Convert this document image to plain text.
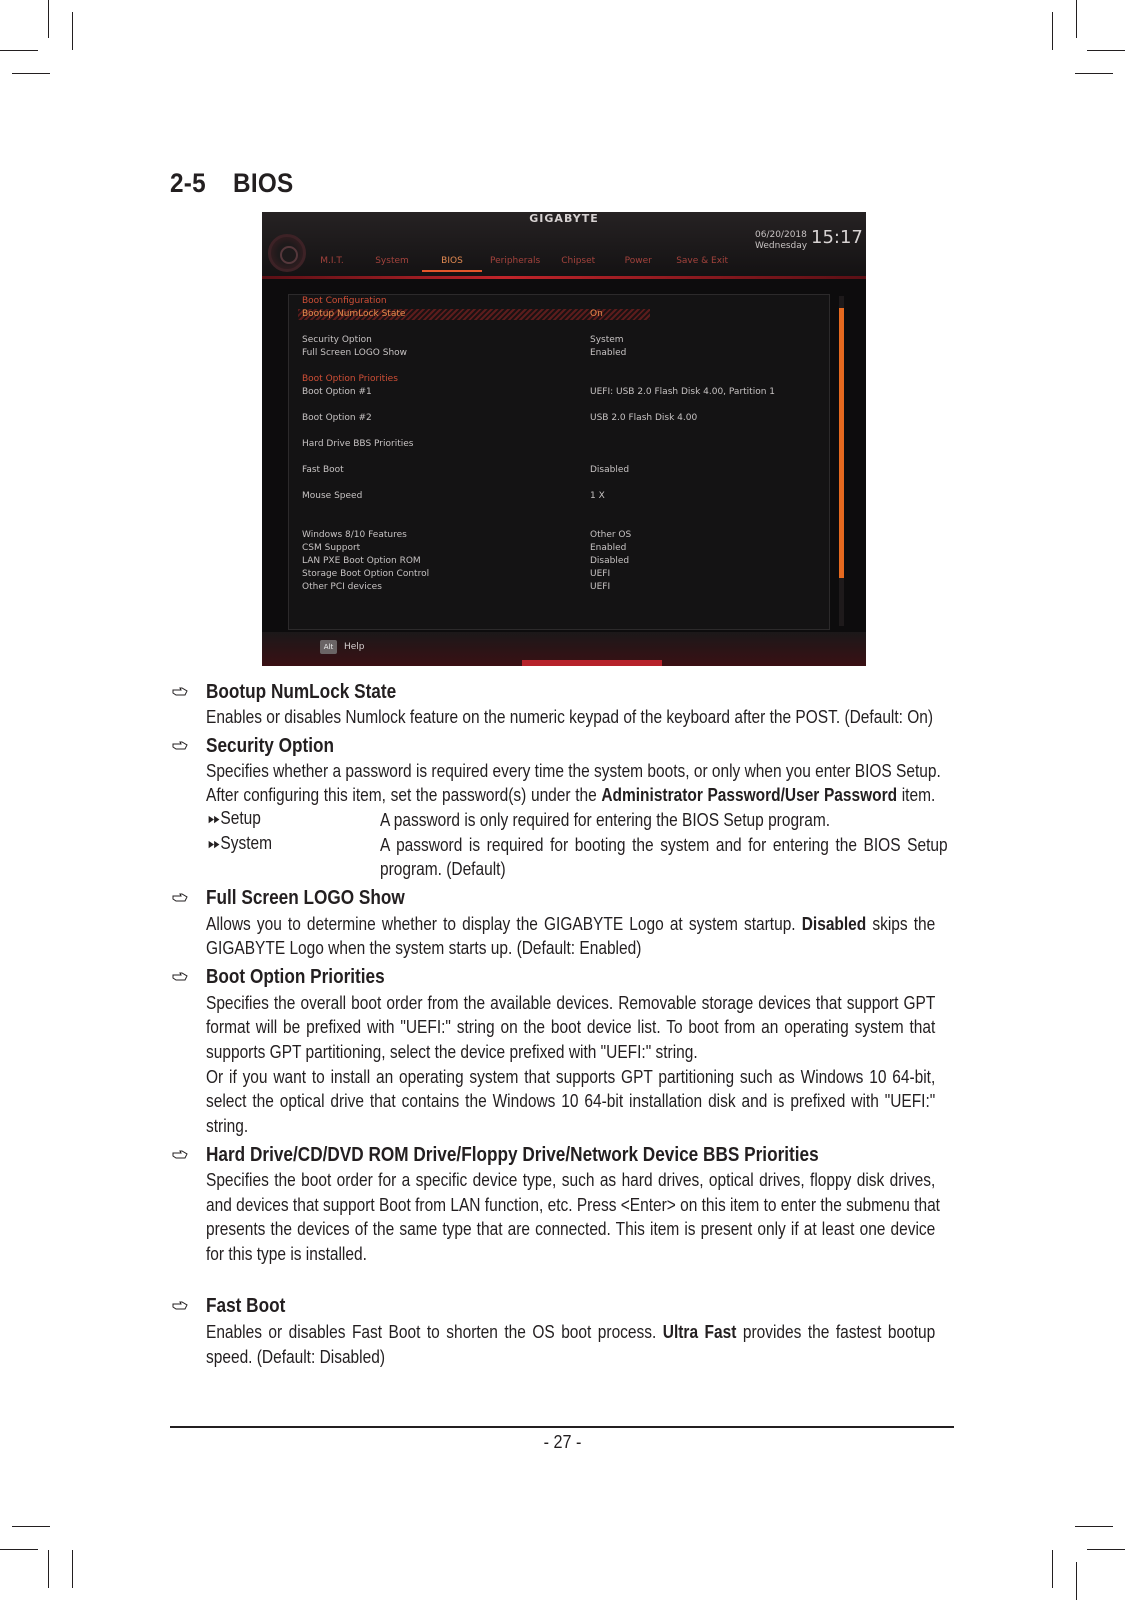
2-5 BIOS
GIGABYTE
M.I.T.	System	BIOS	Peripherals	Chipset	Power	Save & Exit
06/20/2018
Wednesday 15:17
Boot Configuration
Bootup NumLock State	On
Security Option	System
Full Screen LOGO Show	Enabled
Boot Option Priorities
Boot Option #1	UEFI: USB 2.0 Flash Disk 4.00, Partition 1
Boot Option #2	USB 2.0 Flash Disk 4.00
Hard Drive BBS Priorities
Fast Boot	Disabled
Mouse Speed	1 X
Windows 8/10 Features	Other OS
CSM Support	Enabled
LAN PXE Boot Option ROM	Disabled
Storage Boot Option Control	UEFI
Other PCI devices	UEFI
Alt	Help
Bootup NumLock State
Enables or disables Numlock feature on the numeric keypad of the keyboard after the POST. (Default: On)
Security Option
Specifies whether a password is required every time the system boots, or only when you enter BIOS Setup.
After configuring this item, set the password(s) under the Administrator Password/User Password item.
⏩︎Setup	A password is only required for entering the BIOS Setup program.
⏩︎System	A password is required for booting the system and for entering the BIOS Setup
program. (Default)
Full Screen LOGO Show
Allows you to determine whether to display the GIGABYTE Logo at system startup. Disabled skips the
GIGABYTE Logo when the system starts up. (Default: Enabled)
Boot Option Priorities
Specifies the overall boot order from the available devices. Removable storage devices that support GPT
format will be prefixed with "UEFI:" string on the boot device list. To boot from an operating system that
supports GPT partitioning, select the device prefixed with "UEFI:" string.
Or if you want to install an operating system that supports GPT partitioning such as Windows 10 64-bit,
select the optical drive that contains the Windows 10 64-bit installation disk and is prefixed with "UEFI:"
string.
Hard Drive/CD/DVD ROM Drive/Floppy Drive/Network Device BBS Priorities
Specifies the boot order for a specific device type, such as hard drives, optical drives, floppy disk drives,
and devices that support Boot from LAN function, etc. Press <Enter> on this item to enter the submenu that
presents the devices of the same type that are connected. This item is present only if at least one device
for this type is installed.
Fast Boot
Enables or disables Fast Boot to shorten the OS boot process. Ultra Fast provides the fastest bootup
speed. (Default: Disabled)
- 27 -
